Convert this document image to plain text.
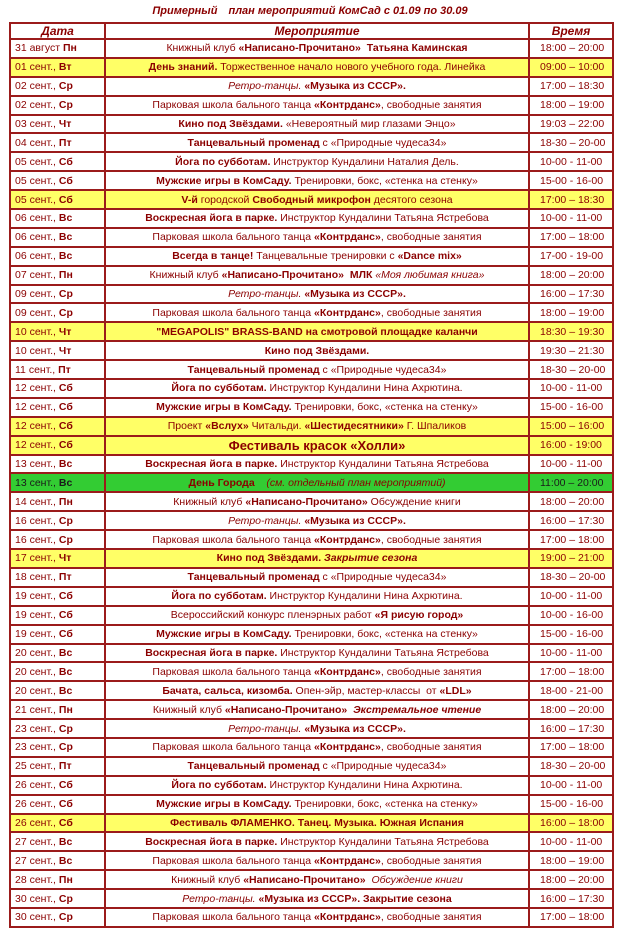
Примерный план мероприятий КомСад с 01.09 по 30.09
Дата	Мероприятие	Время
31 август Пн	Книжный клуб «Написано-Прочитано»  Татьяна Каминская	18:00 – 20:00
01 сент., Вт	День знаний. Торжественное начало нового учебного года. Линейка	09:00 – 10:00
02 сент., Ср	Ретро-танцы. «Музыка из СССР».	17:00 – 18:30
02 сент., Ср	Парковая школа бального танца «Контрданс», свободные занятия	18:00 – 19:00
03 сент., Чт	Кино под Звёздами. «Невероятный мир глазами Энцо»	19:03 – 22:00
04 сент., Пт	Танцевальный променад с «Природные чудеса34»	18-30 – 20-00
05 сент., Сб	Йога по субботам. Инструктор Кундалини Наталия Дель.	10-00 - 11-00
05 сент., Сб	Мужские игры в КомСаду. Тренировки, бокс, «стенка на стенку»	15-00 - 16-00
05 сент., Сб	V-й городской Свободный микрофон десятого сезона	17:00 – 18:30
06 сент., Вс	Воскресная йога в парке. Инструктор Кундалини Татьяна Ястребова	10-00 - 11-00
06 сент., Вс	Парковая школа бального танца «Контрданс», свободные занятия	17:00 – 18:00
06 сент., Вс	Всегда в танце! Танцевальные тренировки с «Dance mix»	17-00 - 19-00
07 сент., Пн	Книжный клуб «Написано-Прочитано»  МЛК «Моя любимая книга»	18:00 – 20:00
09 сент., Ср	Ретро-танцы. «Музыка из СССР».	16:00 – 17:30
09 сент., Ср	Парковая школа бального танца «Контрданс», свободные занятия	18:00 – 19:00
10 сент., Чт	"MEGAPOLIS" BRASS-BAND на смотровой площадке каланчи	18:30 – 19:30
10 сент., Чт	Кино под Звёздами.	19:30 – 21:30
11 сент., Пт	Танцевальный променад с «Природные чудеса34»	18-30 – 20-00
12 сент., Сб	Йога по субботам. Инструктор Кундалини Нина Ахрютина.	10-00 - 11-00
12 сент., Сб	Мужские игры в КомСаду. Тренировки, бокс, «стенка на стенку»	15-00 - 16-00
12 сент., Сб	Проект «Вслух» Читальди. «Шестидесятники» Г. Шпаликов	15:00 – 16:00
12 сент., Сб	Фестиваль красок «Холли»	16:00 - 19:00
13 сент., Вс	Воскресная йога в парке. Инструктор Кундалини Татьяна Ястребова	10-00 - 11-00
13 сент., Вс	День Города    (см. отдельный план мероприятий)	11:00 – 20:00
14 сент., Пн	Книжный клуб «Написано-Прочитано» Обсуждение книги	18:00 – 20:00
16 сент., Ср	Ретро-танцы. «Музыка из СССР».	16:00 – 17:30
16 сент., Ср	Парковая школа бального танца «Контрданс», свободные занятия	17:00 – 18:00
17 сент., Чт	Кино под Звёздами. Закрытие сезона	19:00 – 21:00
18 сент., Пт	Танцевальный променад с «Природные чудеса34»	18-30 – 20-00
19 сент., Сб	Йога по субботам. Инструктор Кундалини Нина Ахрютина.	10-00 - 11-00
19 сент., Сб	Всероссийский конкурс пленэрных работ «Я рисую город»	10-00 - 16-00
19 сент., Сб	Мужские игры в КомСаду. Тренировки, бокс, «стенка на стенку»	15-00 - 16-00
20 сент., Вс	Воскресная йога в парке. Инструктор Кундалини Татьяна Ястребова	10-00 - 11-00
20 сент., Вс	Парковая школа бального танца «Контрданс», свободные занятия	17:00 – 18:00
20 сент., Вс	Бачата, сальса, кизомба. Опен-эйр, мастер-классы  от «LDL»	18-00 - 21-00
21 сент., Пн	Книжный клуб «Написано-Прочитано» Экстремальное чтение	18:00 – 20:00
23 сент., Ср	Ретро-танцы. «Музыка из СССР».	16:00 – 17:30
23 сент., Ср	Парковая школа бального танца «Контрданс», свободные занятия	17:00 – 18:00
25 сент., Пт	Танцевальный променад с «Природные чудеса34»	18-30 – 20-00
26 сент., Сб	Йога по субботам. Инструктор Кундалини Нина Ахрютина.	10-00 - 11-00
26 сент., Сб	Мужские игры в КомСаду. Тренировки, бокс, «стенка на стенку»	15-00 - 16-00
26 сент., Сб	Фестиваль ФЛАМЕНКО. Танец. Музыка. Южная Испания	16:00 – 18:00
27 сент., Вс	Воскресная йога в парке. Инструктор Кундалини Татьяна Ястребова	10-00 - 11-00
27 сент., Вс	Парковая школа бального танца «Контрданс», свободные занятия	18:00 – 19:00
28 сент., Пн	Книжный клуб «Написано-Прочитано» Обсуждение книги	18:00 – 20:00
30 сент., Ср	Ретро-танцы. «Музыка из СССР». Закрытие сезона	16:00 – 17:30
30 сент., Ср	Парковая школа бального танца «Контрданс», свободные занятия	17:00 – 18:00
